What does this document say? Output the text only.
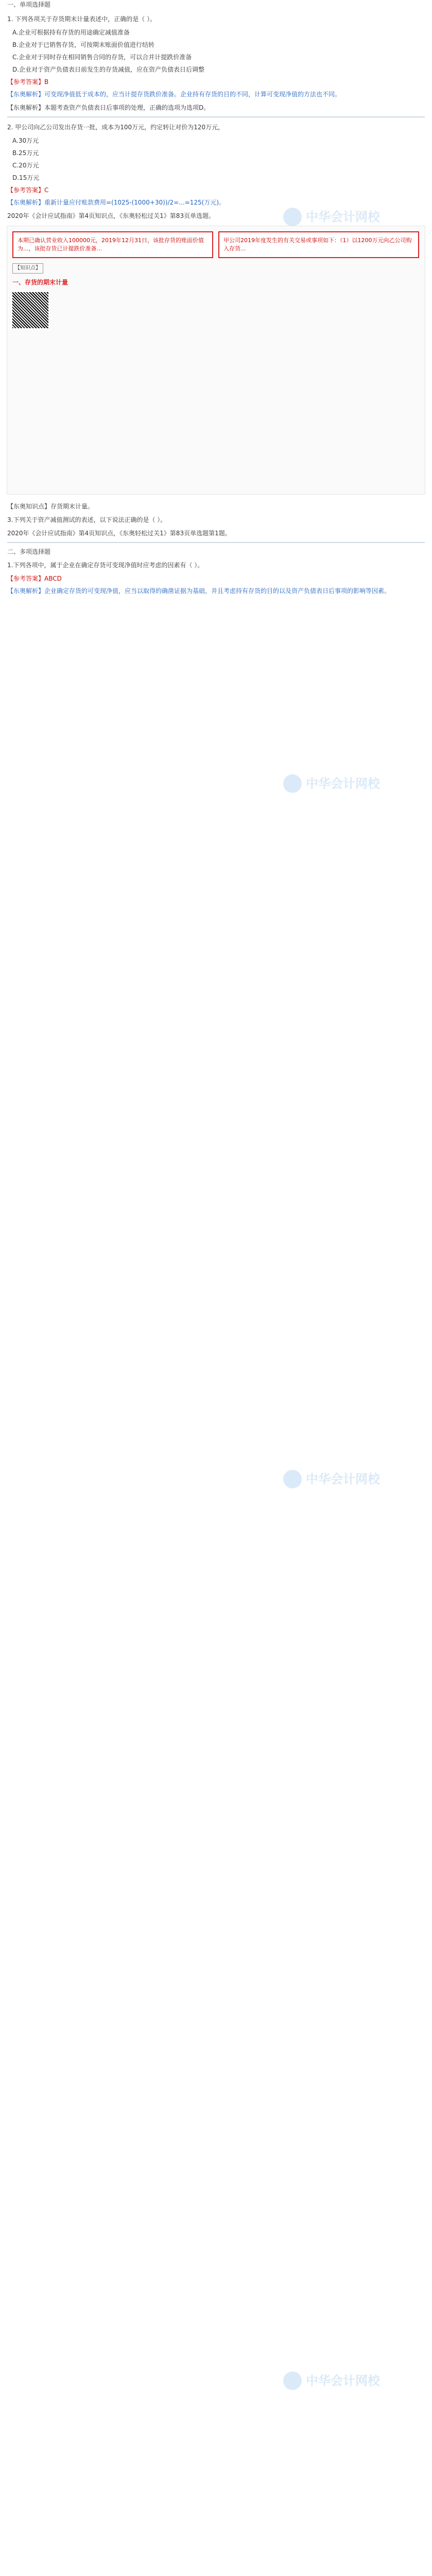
中华会计网校
中华会计网校
中华会计网校
中华会计网校
一、单项选择题
1. 下列各项关于存货期末计量表述中，正确的是（ ）。
A.企业可根据持有存货的用途确定减值准备
B.企业对于已销售存货，可按期末账面价值进行结转
C.企业对于同时存在相同销售合同的存货，可以合并计提跌价准备
D.企业对于资产负债表日前发生的存货减值，应在资产负债表日后调整
【参考答案】B
【东奥解析】可变现净值低于成本的，应当计提存货跌价准备。企业持有存货的目的不同，计算可变现净值的方法也不同。
【东奥解析】本题考查资产负债表日后事项的处理，正确的选项为选项D。
2. 甲公司向乙公司发出存货一批，成本为100万元，约定转让对价为120万元，
A.30万元
B.25万元
C.20万元
D.15万元
【参考答案】C
【东奥解析】重新计量应付账款费用=(1025-(1000+30))/2=...=125(万元)。
2020年《会计应试指南》第4页知识点，《东奥轻松过关1》第83页单选题。
本期已确认营业收入100000元，2019年12月31日，该批存货的账面价值为...，该批存货已计提跌价准备...
【知识点】
一、存货的期末计量
甲公司2019年度发生的有关交易或事项如下：（1）以1200万元向乙公司购入存货...
【东奥知识点】存货期末计量。
3.下列关于资产减值测试的表述，以下说法正确的是（ ）。
2020年《会计应试指南》第4页知识点，《东奥轻松过关1》第83页单选题第1题。
二、多项选择题
1.下列各项中，属于企业在确定存货可变现净值时应考虑的因素有（ ）。
【参考答案】ABCD
【东奥解析】企业确定存货的可变现净值，应当以取得的确凿证据为基础，并且考虑持有存货的目的以及资产负债表日后事项的影响等因素。
